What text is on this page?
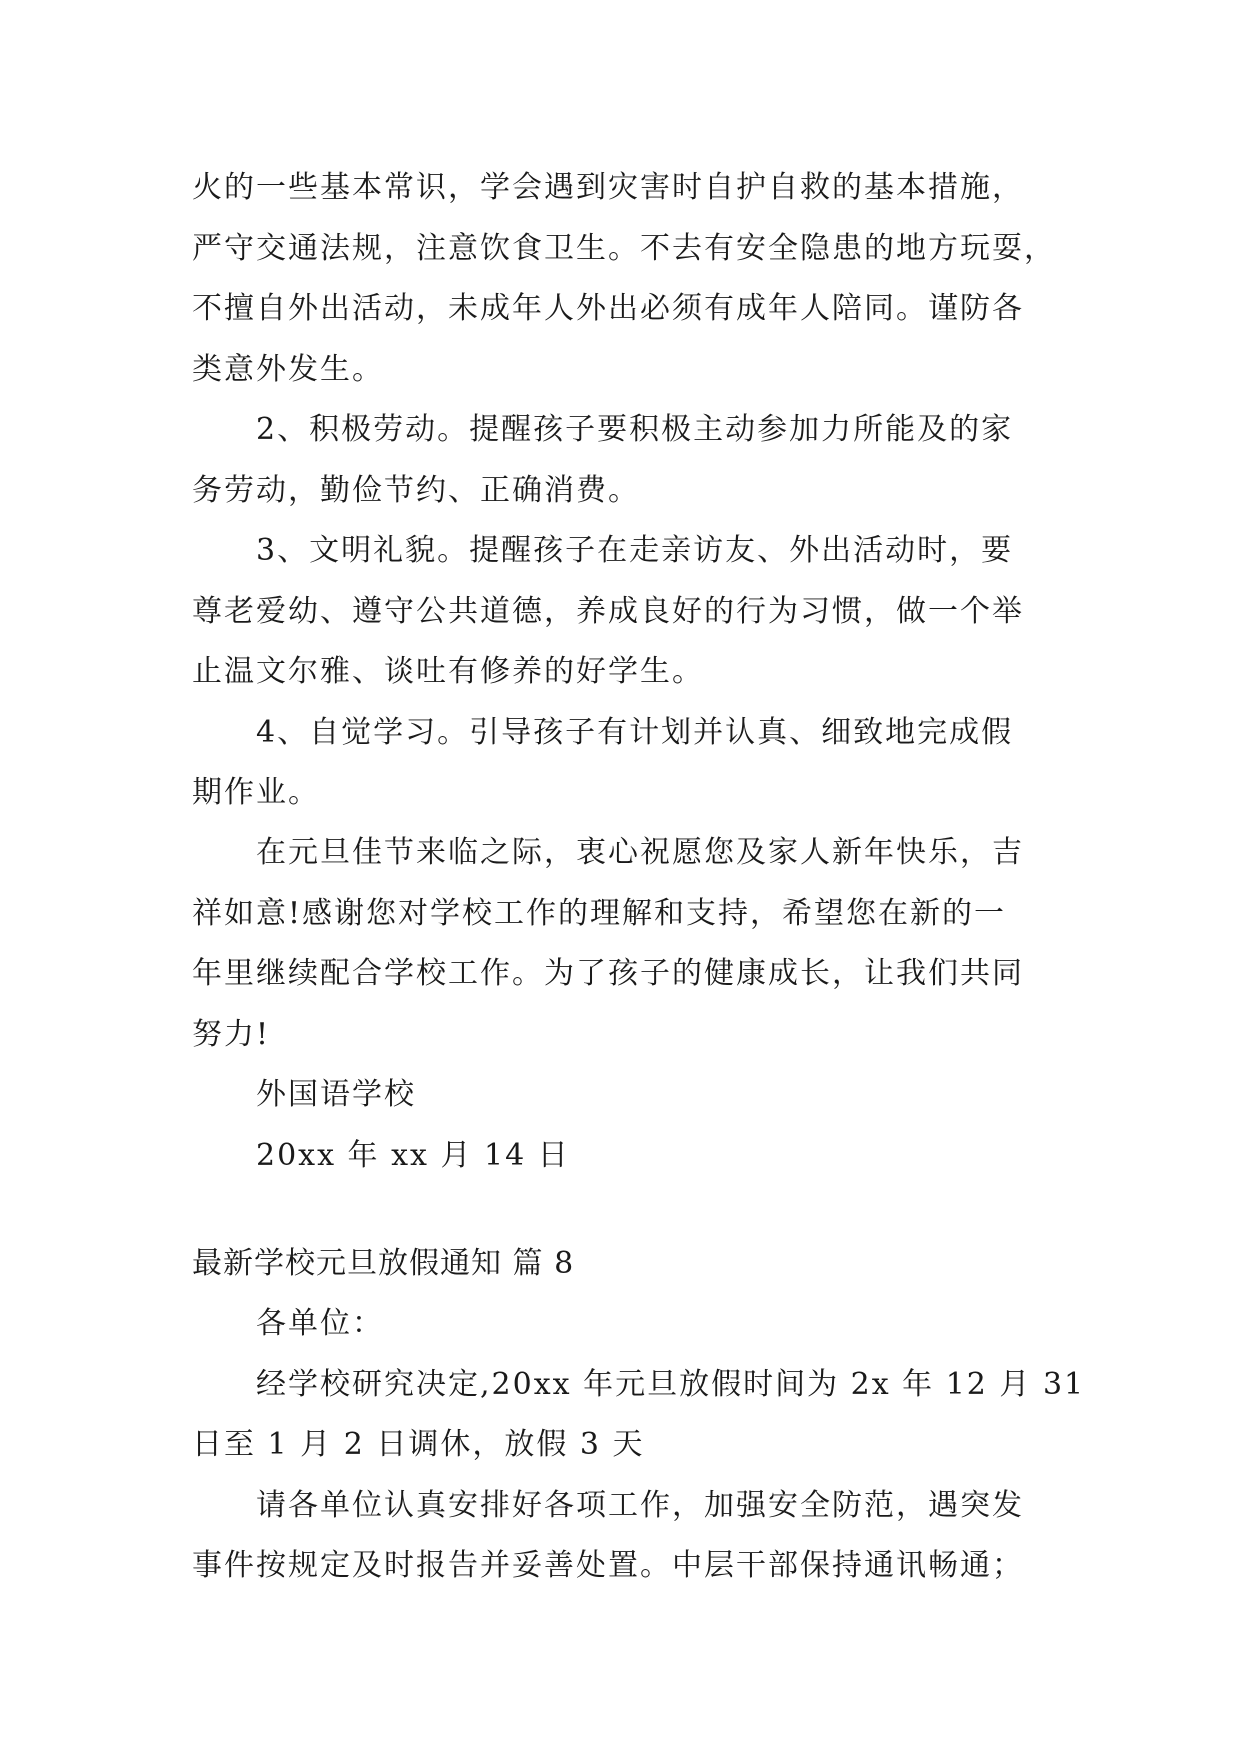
火的一些基本常识，学会遇到灾害时自护自救的基本措施，
严守交通法规，注意饮食卫生。不去有安全隐患的地方玩耍，
不擅自外出活动，未成年人外出必须有成年人陪同。谨防各
类意外发生。
2、积极劳动。提醒孩子要积极主动参加力所能及的家
务劳动，勤俭节约、正确消费。
3、文明礼貌。提醒孩子在走亲访友、外出活动时，要
尊老爱幼、遵守公共道德，养成良好的行为习惯，做一个举
止温文尔雅、谈吐有修养的好学生。
4、自觉学习。引导孩子有计划并认真、细致地完成假
期作业。
在元旦佳节来临之际，衷心祝愿您及家人新年快乐，吉
祥如意!感谢您对学校工作的理解和支持，希望您在新的一
年里继续配合学校工作。为了孩子的健康成长，让我们共同
努力!
外国语学校
20xx 年 xx 月 14 日
最新学校元旦放假通知 篇 8
各单位：
经学校研究决定,20xx 年元旦放假时间为 2x 年 12 月 31
日至 1 月 2 日调休，放假 3 天
请各单位认真安排好各项工作，加强安全防范，遇突发
事件按规定及时报告并妥善处置。中层干部保持通讯畅通；
